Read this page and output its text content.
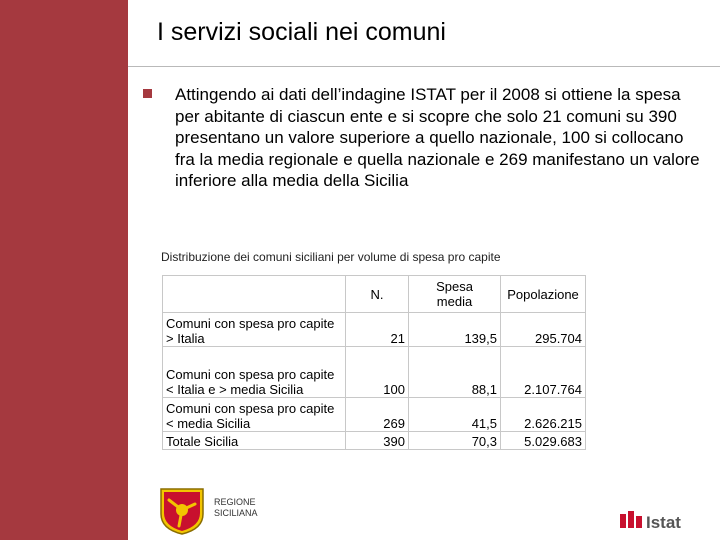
I servizi sociali nei comuni
Attingendo ai dati dell’indagine ISTAT per il 2008 si ottiene la spesa per abitante di ciascun ente e si scopre che solo 21 comuni su 390 presentano un valore superiore a quello nazionale, 100 si collocano fra la media regionale e quella nazionale e 269 manifestano un valore inferiore alla media della Sicilia
Distribuzione dei comuni siciliani per volume di spesa pro capite
	N.	Spesa media	Popolazione
Comuni con spesa pro capite > Italia	21	139,5	295.704
Comuni con spesa pro capite < Italia e > media Sicilia	100	88,1	2.107.764
Comuni con spesa pro capite < media Sicilia	269	41,5	2.626.215
Totale Sicilia	390	70,3	5.029.683
REGIONE
SICILIANA	Istat
